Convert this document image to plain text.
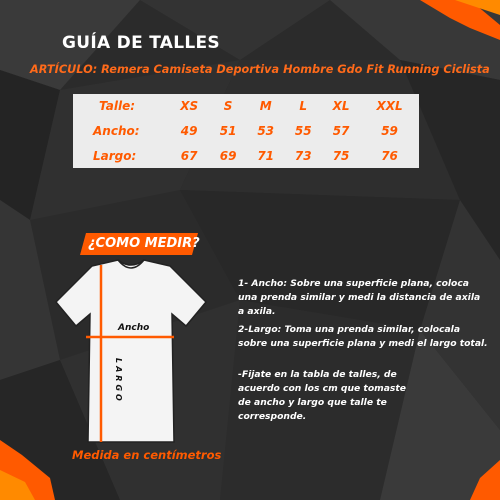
GUÍA DE TALLES
ARTÍCULO: Remera Camiseta Deportiva Hombre Gdo Fit Running Ciclista
Talle:	XS	S	M	L	XL	XXL
Ancho:	49	51	53	55	57	59
Largo:	67	69	71	73	75	76
¿COMO MEDIR?
Ancho
LARGO
1- Ancho: Sobre una superficie plana, coloca una prenda similar y medi la distancia de axila a axila.
2-Largo: Toma una prenda similar, colocala sobre una superficie plana y medi el largo total.
-Fijate en la tabla de talles, de acuerdo con los cm que tomaste de ancho y largo que talle te corresponde.
Medida en centímetros
